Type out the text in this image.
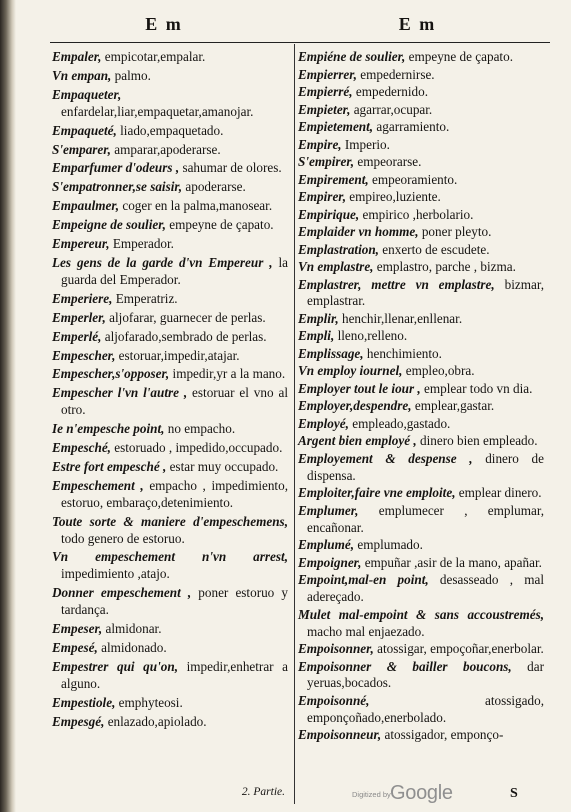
E m	E m
Empaler, empicotar,empalar.
Vn empan, palmo.
Empaqueter, enfardelar,liar,empaquetar,amanojar.
Empaqueté, liado,empaquetado.
S'emparer, amparar,apoderarse.
Emparfumer d'odeurs , sahumar de olores.
S'empatronner,se saisir, apoderarse.
Empaulmer, coger en la palma,manosear.
Empeigne de soulier, empeyne de çapato.
Empereur, Emperador.
Les gens de la garde d'vn Empereur , la guarda del Emperador.
Emperiere, Emperatriz.
Emperler, aljofarar, guarnecer de perlas.
Emperlé, aljofarado,sembrado de perlas.
Empescher, estoruar,impedir,atajar.
Empescher,s'opposer, impedir,yr a la mano.
Empescher l'vn l'autre , estoruar el vno al otro.
Ie n'empesche point, no empacho.
Empesché, estoruado , impedido,occupado.
Estre fort empesché , estar muy occupado.
Empeschement , empacho , impedimiento, estoruo, embaraço,detenimiento.
Toute sorte & maniere d'empeschemens, todo genero de estoruo.
Vn empeschement n'vn arrest, impedimiento ,atajo.
Donner empeschement , poner estoruo y tardança.
Empeser, almidonar.
Empesé, almidonado.
Empestrer qui qu'on, impedir,enhetrar a alguno.
Empestiole, emphyteosi.
Empesgé, enlazado,apiolado.
Empiéne de soulier, empeyne de çapato.
Empierrer, empedernirse.
Empierré, empedernido.
Empieter, agarrar,ocupar.
Empietement, agarramiento.
Empire, Imperio.
S'empirer, empeorarse.
Empirement, empeoramiento.
Empirer, empireo,luziente.
Empirique, empirico ,herbolario.
Emplaider vn homme, poner pleyto.
Emplastration, enxerto de escudete.
Vn emplastre, emplastro, parche , bizma.
Emplastrer, mettre vn emplastre, bizmar, emplastrar.
Emplir, henchir,llenar,enllenar.
Empli, lleno,relleno.
Emplissage, henchimiento.
Vn employ iournel, empleo,obra.
Employer tout le iour , emplear todo vn dia.
Employer,despendre, emplear,gastar.
Employé, empleado,gastado.
Argent bien employé , dinero bien empleado.
Employement & despense , dinero de dispensa.
Emploiter,faire vne emploite, emplear dinero.
Emplumer, emplumecer , emplumar, encañonar.
Emplumé, emplumado.
Empoigner, empuñar ,asir de la mano, apañar.
Empoint,mal-en point, desasseado , mal adereçado.
Mulet mal-empoint & sans accoustremés, macho mal enjaezado.
Empoisonner, atossigar, empoçoñar,enerbolar.
Empoisonner & bailler boucons, dar yeruas,bocados.
Empoisonné, atossigado, emponçoñado,enerbolado.
Empoisonneur, atossigador, emponço-
2. Partie.	Digitized by Google	S
